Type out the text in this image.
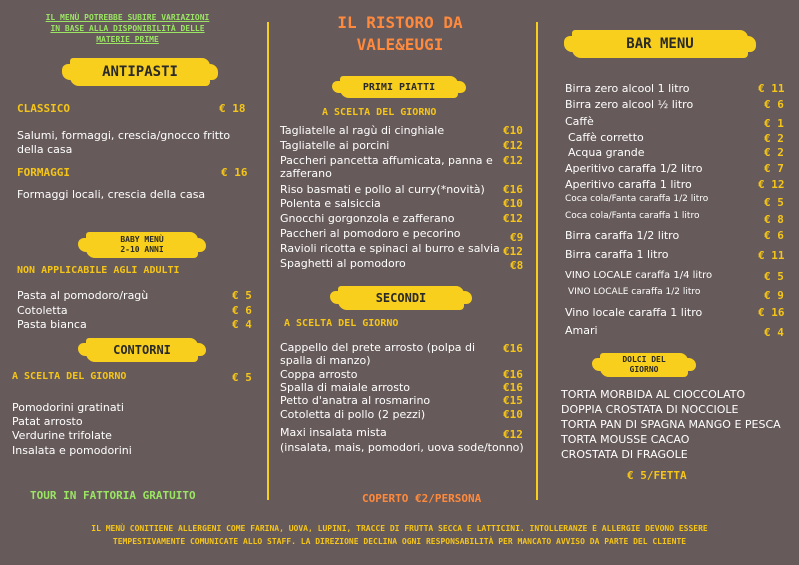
IL MENÙ POTREBBE SUBIRE VARIAZIONI
IN BASE ALLA DISPONIBILITÀ DELLE
MATERIE PRIME
ANTIPASTI
CLASSICO	€ 18
Salumi, formaggi, crescia/gnocco fritto della casa
FORMAGGI	€ 16
Formaggi locali, crescia della casa
BABY MENÙ
2-10 ANNI
NON APPLICABILE AGLI ADULTI
Pasta al pomodoro/ragù	€ 5
Cotoletta	€ 6
Pasta bianca	€ 4
CONTORNI
A SCELTA DEL GIORNO	€ 5
Pomodorini gratinati
Patat arrosto
Verdurine trifolate
Insalata e pomodorini
TOUR IN FATTORIA GRATUITO
IL RISTORO DA
VALE&EUGI
PRIMI PIATTI
A SCELTA DEL GIORNO
Tagliatelle al ragù di cinghiale	€10
Tagliatelle ai porcini	€12
Paccheri pancetta affumicata, panna e
zafferano
€12
Riso basmati e pollo al curry(*novità) €16
Polenta e salsiccia	€10
Gnocchi gorgonzola e zafferano	€12
Paccheri al pomodoro e pecorino	€9
Ravioli ricotta e spinaci al burro e salvia €12
Spaghetti al pomodoro	€8
SECONDI
A SCELTA DEL GIORNO
Cappello del prete arrosto (polpa di
spalla di manzo)
€16
Coppa arrosto	€16
Spalla di maiale arrosto	€16
Petto d'anatra al rosmarino	€15
Cotoletta di pollo (2 pezzi)	€10
Maxi insalata mista
(insalata, mais, pomodori, uova sode/tonno)
€12
COPERTO €2/PERSONA
BAR MENU
Birra zero alcool 1 litro	€ 11
Birra zero alcool ½ litro	€ 6
Caffè	€ 1
Caffè corretto	€ 2
Acqua grande	€ 2
Aperitivo caraffa 1/2 litro	€ 7
Aperitivo caraffa 1 litro	€ 12
Coca cola/Fanta caraffa 1/2 litro	€ 5
Coca cola/Fanta caraffa 1 litro	€ 8
Birra caraffa 1/2 litro	€ 6
Birra caraffa 1 litro	€ 11
VINO LOCALE caraffa 1/4 litro	€ 5
VINO LOCALE caraffa 1/2 litro	€ 9
Vino locale caraffa 1 litro	€ 16
Amari	€ 4
DOLCI DEL
GIORNO
TORTA MORBIDA AL CIOCCOLATO
DOPPIA CROSTATA DI NOCCIOLE
TORTA PAN DI SPAGNA MANGO E PESCA
TORTA MOUSSE CACAO
CROSTATA DI FRAGOLE
€ 5/FETTA
IL MENÙ CONITIENE ALLERGENI COME FARINA, UOVA, LUPINI, TRACCE DI FRUTTA SECCA E LATTICINI. INTOLLERANZE E ALLERGIE DEVONO ESSERE
TEMPESTIVAMENTE COMUNICATE ALLO STAFF. LA DIREZIONE DECLINA OGNI RESPONSABILITÀ PER MANCATO AVVISO DA PARTE DEL CLIENTE
